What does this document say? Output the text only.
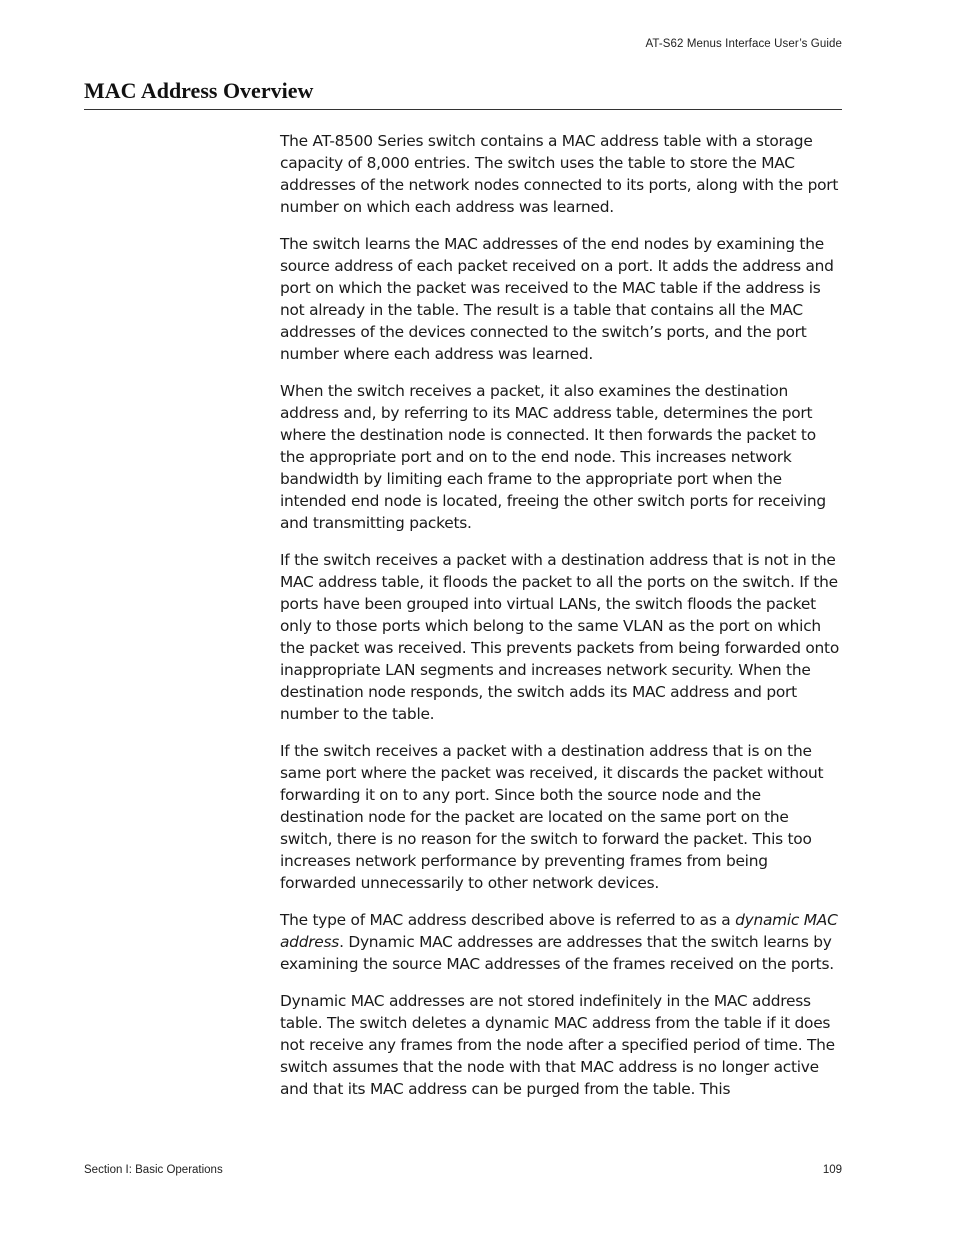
AT-S62 Menus Interface User’s Guide
MAC Address Overview

The AT-8500 Series switch contains a MAC address table with a storage capacity of 8,000 entries. The switch uses the table to store the MAC addresses of the network nodes connected to its ports, along with the port number on which each address was learned.

The switch learns the MAC addresses of the end nodes by examining the source address of each packet received on a port. It adds the address and port on which the packet was received to the MAC table if the address is not already in the table. The result is a table that contains all the MAC addresses of the devices connected to the switch’s ports, and the port number where each address was learned.

When the switch receives a packet, it also examines the destination address and, by referring to its MAC address table, determines the port where the destination node is connected. It then forwards the packet to the appropriate port and on to the end node. This increases network bandwidth by limiting each frame to the appropriate port when the intended end node is located, freeing the other switch ports for receiving and transmitting packets.

If the switch receives a packet with a destination address that is not in the MAC address table, it floods the packet to all the ports on the switch. If the ports have been grouped into virtual LANs, the switch floods the packet only to those ports which belong to the same VLAN as the port on which the packet was received. This prevents packets from being forwarded onto inappropriate LAN segments and increases network security. When the destination node responds, the switch adds its MAC address and port number to the table.

If the switch receives a packet with a destination address that is on the same port where the packet was received, it discards the packet without forwarding it on to any port. Since both the source node and the destination node for the packet are located on the same port on the switch, there is no reason for the switch to forward the packet. This too increases network performance by preventing frames from being forwarded unnecessarily to other network devices.

The type of MAC address described above is referred to as a dynamic MAC address. Dynamic MAC addresses are addresses that the switch learns by examining the source MAC addresses of the frames received on the ports.

Dynamic MAC addresses are not stored indefinitely in the MAC address table. The switch deletes a dynamic MAC address from the table if it does not receive any frames from the node after a specified period of time. The switch assumes that the node with that MAC address is no longer active and that its MAC address can be purged from the table. This

Section I: Basic Operations	109
